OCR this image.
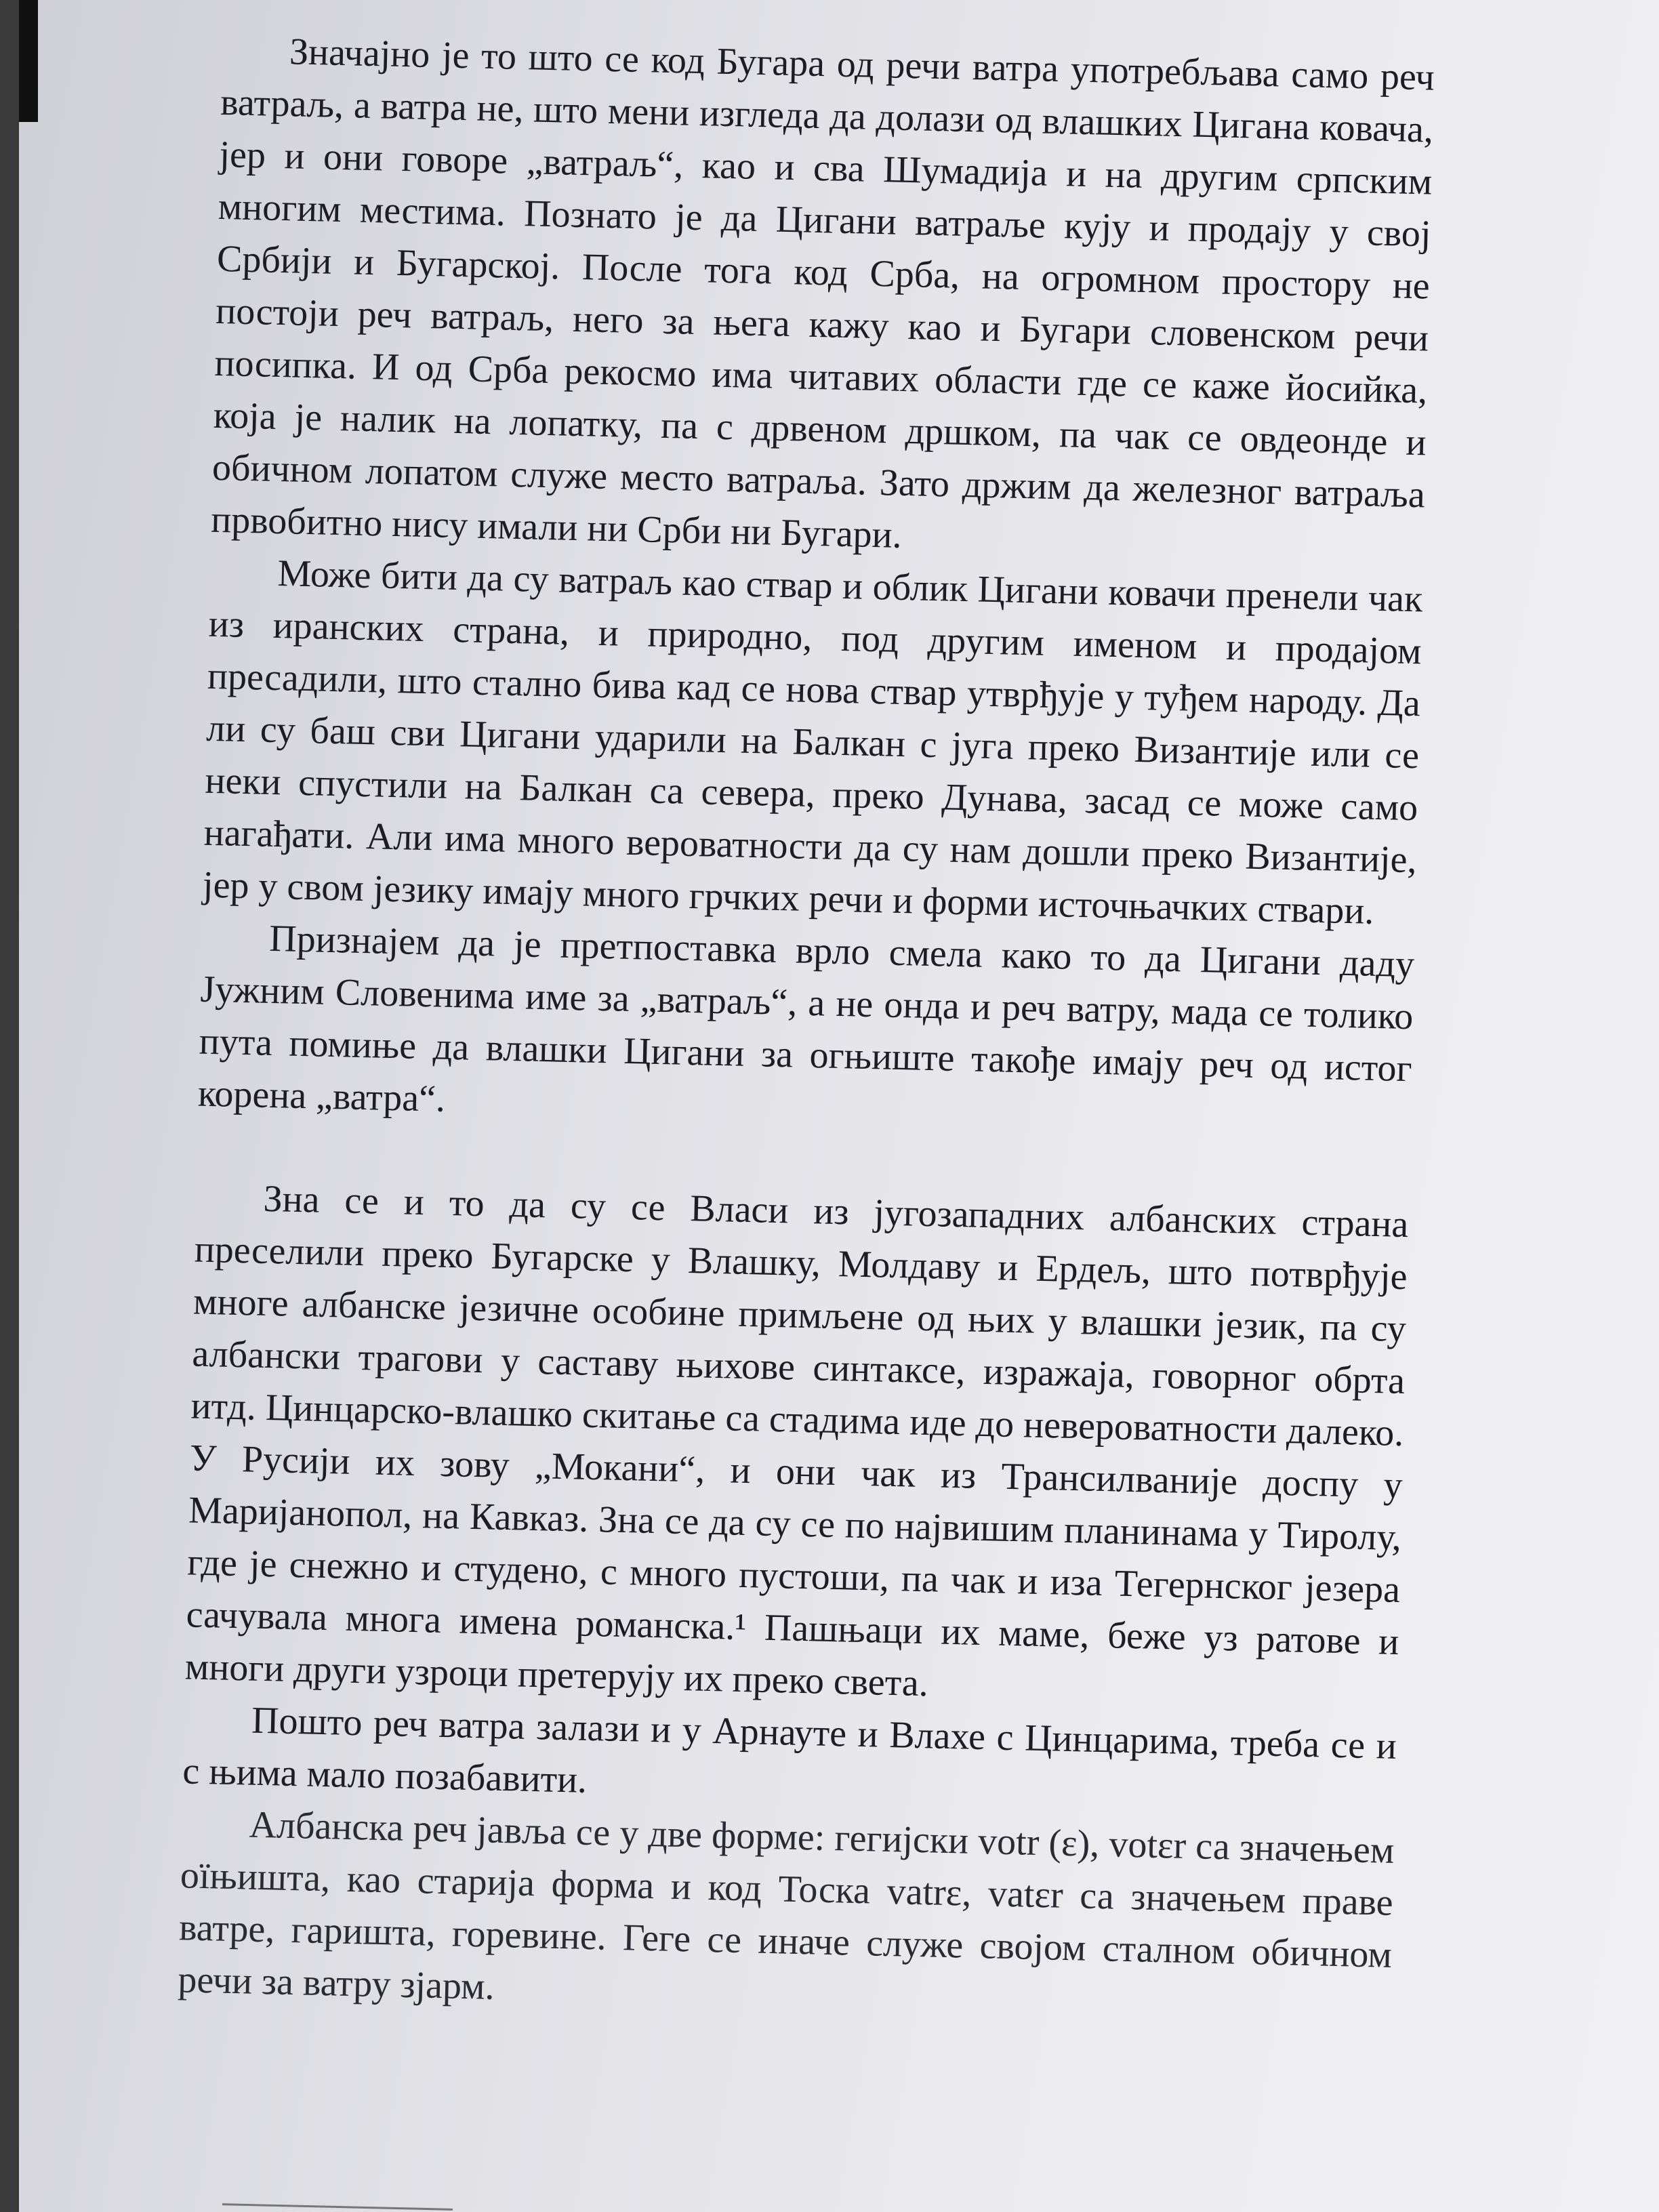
Значајно је то што се код Бугара од речи ватра употребљава само реч ватраљ, а ватра не, што мени изгледа да долази од влашких Цигана ковача, јер и они говоре „ватраљ“, као и сва Шумадија и на другим српским многим местима. Познато је да Цигани ватраље кују и продају у свој Србији и Бугарској. После тога код Срба, на огромном простору не постоји реч ватраљ, него за њега кажу као и Бугари словенском речи посипка. И од Срба рекосмо има читавих области где се каже йосийка, која је налик на лопатку, па с дрвеном дршком, па чак се овдеонде и обичном лопатом служе место ватраља. Зато држим да железног ватраља првобитно нису имали ни Срби ни Бугари.

Може бити да су ватраљ као ствар и облик Цигани ковачи пренели чак из иранских страна, и природно, под другим именом и продајом пресадили, што стално бива кад се нова ствар утврђује у туђем народу. Да ли су баш сви Цигани ударили на Балкан с југа преко Византије или се неки спустили на Балкан са севера, преко Дунава, засад се може само нагађати. Али има много вероватности да су нам дошли преко Византије, јер у свом језику имају много грчких речи и форми источњачких ствари.

Признајем да је претпоставка врло смела како то да Цигани даду Јужним Словенима име за „ватраљ“, а не онда и реч ватру, мада се толико пута помиње да влашки Цигани за огњиште такође имају реч од истог корена „ватра“.

Зна се и то да су се Власи из југозападних албанских страна преселили преко Бугарске у Влашку, Молдаву и Ердељ, што потврђује многе албанске језичне особине примљене од њих у влашки језик, па су албански трагови у саставу њихове синтаксе, изражаја, говорног обрта итд. Цинцарско-влашко скитање са стадима иде до невероватности далеко. У Русији их зову „Мокани“, и они чак из Трансилваније доспу у Маријанопол, на Кавказ. Зна се да су се по највишим планинама у Тиролу, где је снежно и студено, с много пустоши, па чак и иза Тегернског језера сачувала многа имена романска.¹ Пашњаци их маме, беже уз ратове и многи други узроци претерују их преко света.

Пошто реч ватра залази и у Арнауте и Влахе с Цинцарима, треба се и с њима мало позабавити.

Албанска реч јавља се у две форме: гегијски votr (ε), votεr са значењем оїњишта, као старија форма и код Тоска vatrε, vatεr са значењем праве ватре, гаришта, горевине. Геге се иначе служе својом сталном обичном речи за ватру зјарм.
